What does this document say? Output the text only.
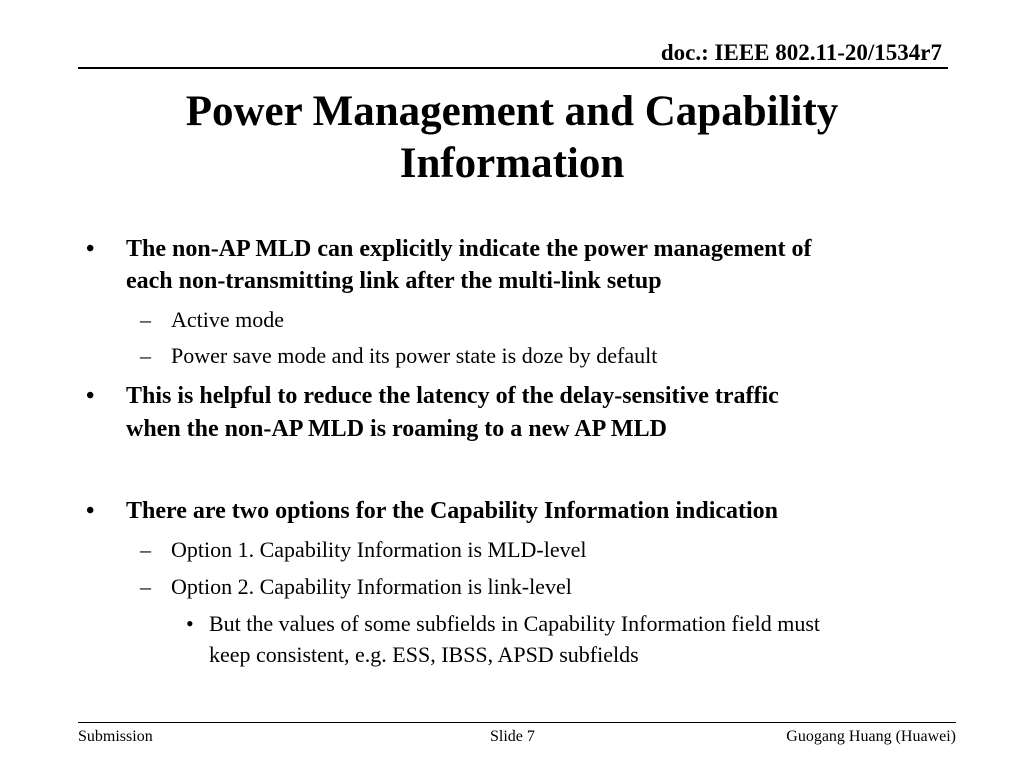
doc.: IEEE 802.11-20/1534r7
Power Management and Capability
Information
• The non-AP MLD can explicitly indicate the power management of

each non-transmitting link after the multi-link setup

– Active mode

– Power save mode and its power state is doze by default

• This is helpful to reduce the latency of the delay-sensitive traffic

when the non-AP MLD is roaming to a new AP MLD

• There are two options for the Capability Information indication

– Option 1. Capability Information is MLD-level

– Option 2. Capability Information is link-level

• But the values of some subfields in Capability Information field must

keep consistent, e.g. ESS, IBSS, APSD subfields

Submission	Slide 7	Guogang Huang (Huawei)
